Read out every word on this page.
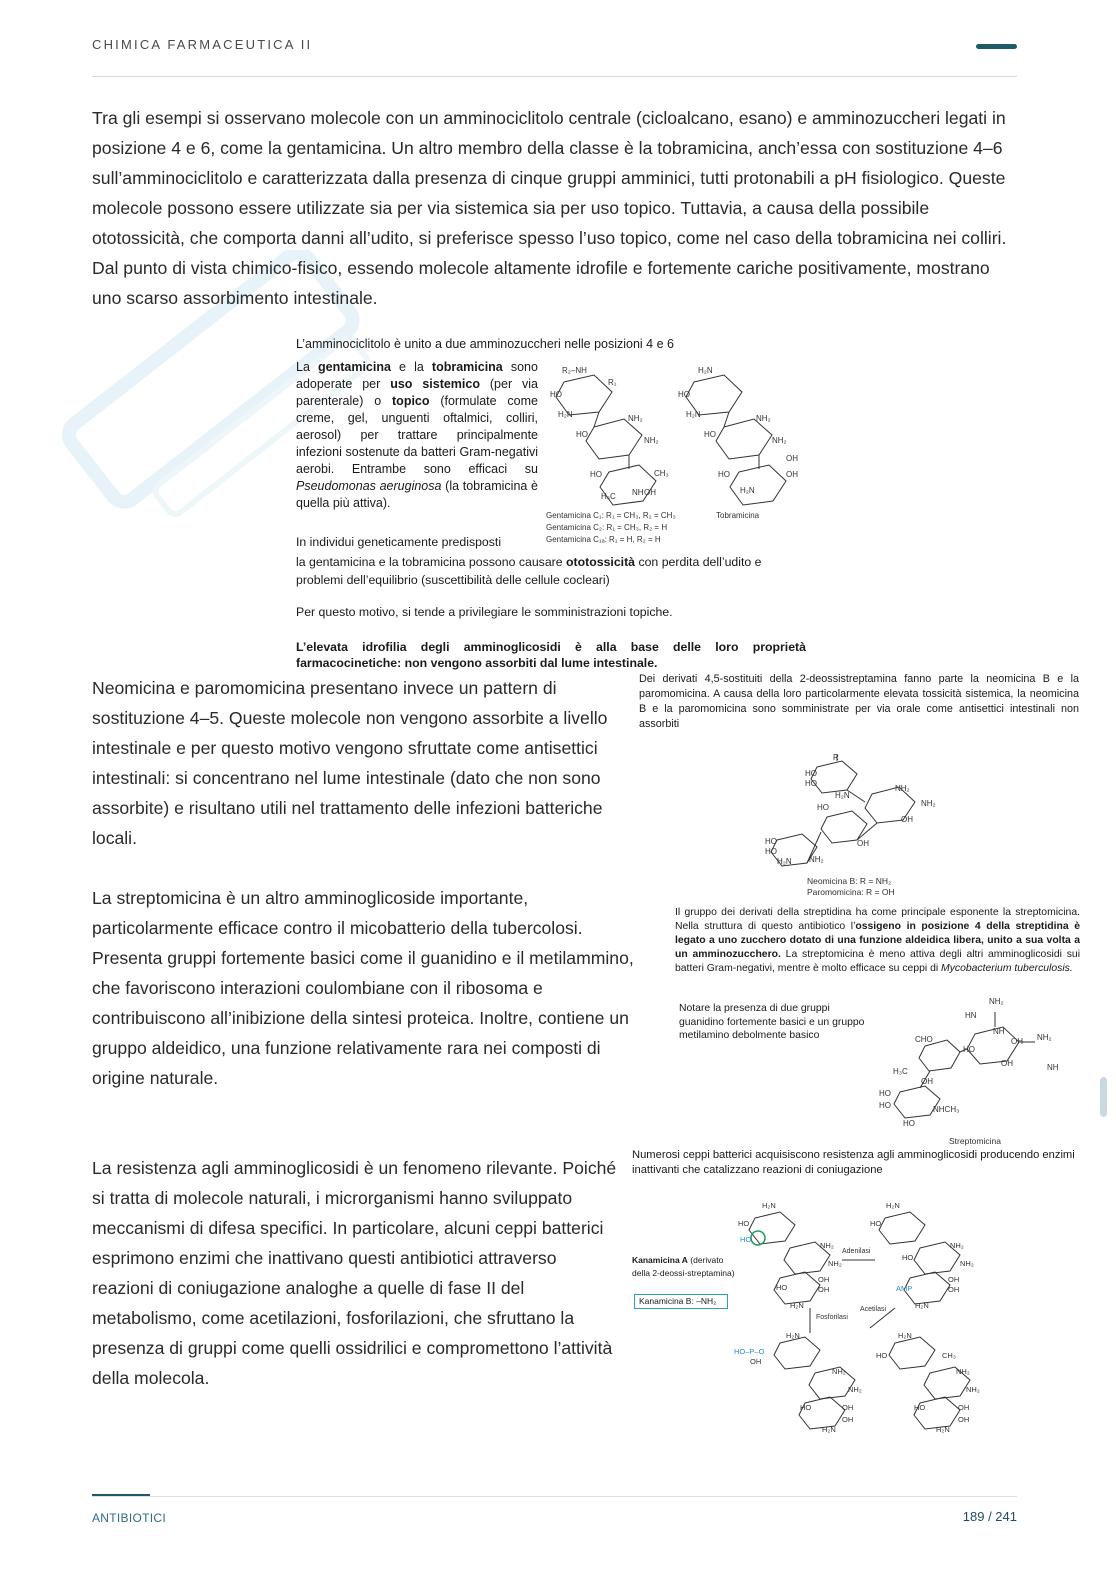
CHIMICA FARMACEUTICA II
Tra gli esempi si osservano molecole con un amminociclitolo centrale (cicloalcano, esano) e amminozuccheri legati in posizione 4 e 6, come la gentamicina. Un altro membro della classe è la tobramicina, anch’essa con sostituzione 4–6 sull’amminociclitolo e caratterizzata dalla presenza di cinque gruppi amminici, tutti protonabili a pH fisiologico. Queste molecole possono essere utilizzate sia per via sistemica sia per uso topico. Tuttavia, a causa della possibile ototossicità, che comporta danni all’udito, si preferisce spesso l’uso topico, come nel caso della tobramicina nei colliri. Dal punto di vista chimico-fisico, essendo molecole altamente idrofile e fortemente cariche positivamente, mostrano uno scarso assorbimento intestinale.
R₂–NH
R₁
HO
H₂N	NH₂
HO
NH₂
HO	CH₃
H₃C NH OH
H₂N
HO
H₂N	NH₂
HO
NH₂
HO
OH
OH
H₂N
L’amminociclitolo è unito a due amminozuccheri nelle posizioni 4 e 6
La gentamicina e la tobramicina sono adoperate per uso sistemico (per via parenterale) o topico (formulate come creme, gel, unguenti oftalmici, colliri, aerosol) per trattare principalmente infezioni sostenute da batteri Gram-negativi aerobi. Entrambe sono efficaci su Pseudomonas aeruginosa (la tobramicina è quella più attiva).
Gentamicina C₁: R₁ = CH₃, R₂ = CH₃
Gentamicina C₂: R₁ = CH₃, R₂ = H
Gentamicina C₁ₐ: R₁ = H, R₂ = H
Tobramicina
In individui geneticamente predisposti
la gentamicina e la tobramicina possono causare ototossicità con perdita dell’udito e problemi dell’equilibrio (suscettibilità delle cellule cocleari)
Per questo motivo, si tende a privilegiare le somministrazioni topiche.
L’elevata idrofilia degli amminoglicosidi è alla base delle loro proprietà farmacocinetiche: non vengono assorbiti dal lume intestinale.
Neomicina e paromomicina presentano invece un pattern di sostituzione 4–5. Queste molecole non vengono assorbite a livello intestinale e per questo motivo vengono sfruttate come antisettici intestinali: si concentrano nel lume intestinale (dato che non sono assorbite) e risultano utili nel trattamento delle infezioni batteriche locali.
Dei derivati 4,5-sostituiti della 2-deossistreptamina fanno parte la neomicina B e la paromomicina. A causa della loro particolarmente elevata tossicità sistemica, la neomicina B e la paromomicina sono somministrate per via orale come antisettici intestinali non assorbiti
R
HO
HO
H₂N
NH₂
NH₂
HO
OH
OH
HO
HO
H₂N NH₂
Neomicina B: R = NH₂
Paromomicina: R = OH
La streptomicina è un altro amminoglicoside importante, particolarmente efficace contro il micobatterio della tubercolosi. Presenta gruppi fortemente basici come il guanidino e il metilammino, che favoriscono interazioni coulombiane con il ribosoma e contribuiscono all’inibizione della sintesi proteica. Inoltre, contiene un gruppo aldeidico, una funzione relativamente rara nei composti di origine naturale.
Il gruppo dei derivati della streptidina ha come principale esponente la streptomicina. Nella struttura di questo antibiotico l’ossigeno in posizione 4 della streptidina è legato a uno zucchero dotato di una funzione aldeidica libera, unito a sua volta a un amminozucchero. La streptomicina è meno attiva degli altri amminoglicosidi sui batteri Gram-negativi, mentre è molto efficace su ceppi di Mycobacterium tuberculosis.
Notare la presenza di due gruppi guanidino fortemente basici e un gruppo metilamino debolmente basico
NH₂
HN
NH
HO
OH
OH NH₂
NH
CHO
H₃C
OH
HO
HO	NHCH₃
HO
Streptomicina
La resistenza agli amminoglicosidi è un fenomeno rilevante. Poiché si tratta di molecole naturali, i microrganismi hanno sviluppato meccanismi di difesa specifici. In particolare, alcuni ceppi batterici esprimono enzimi che inattivano questi antibiotici attraverso reazioni di coniugazione analoghe a quelle di fase II del metabolismo, come acetilazioni, fosforilazioni, che sfruttano la presenza di gruppi come quelli ossidrilici e compromettono l’attività della molecola.
Numerosi ceppi batterici acquisiscono resistenza agli amminoglicosidi producendo enzimi inattivanti che catalizzano reazioni di coniugazione
Kanamicina A (derivato della 2-deossi-streptamina)
Kanamicina B: –NH₂
H₂N
HO
HO
NH₂
NH₂
HO
OH
OH
H₂N
H₂N
HO
HO
NH₂
NH₂
OH
OH
H₂N
HO–P–O
OH
H₂N
NH₂
NH₂
HO	OH
OH
H₂N
H₂N
HO	CH₃
NH₂
NH₂
HO	OH
OH
H₂N
Adenilasi
Fosforilasi
Acetilasi
AMP
ANTIBIOTICI	189 / 241
